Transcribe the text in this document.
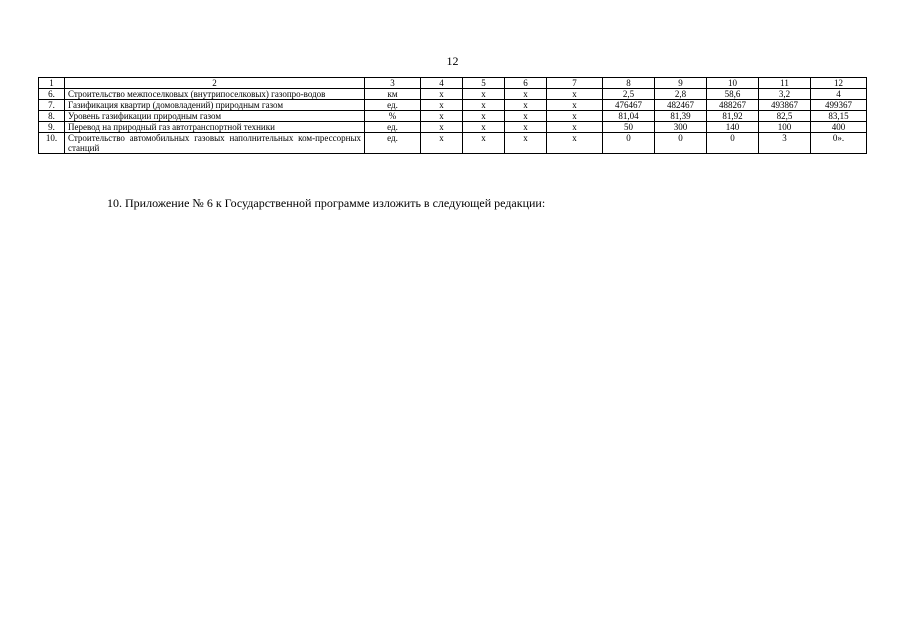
12
1	2	3	4	5	6	7	8	9	10	11	12
6.	Строительство межпоселковых (внутрипоселковых) газопро-водов	км	х	х	х	х	2,5	2,8	58,6	3,2	4
7.	Газификация квартир (домовладений) природным газом	ед.	х	х	х	х	476467	482467	488267	493867	499367
8.	Уровень газификации природным газом	%	х	х	х	х	81,04	81,39	81,92	82,5	83,15
9.	Перевод на природный газ автотранспортной техники	ед.	х	х	х	х	50	300	140	100	400
10.	Строительство автомобильных газовых наполнительных ком-прессорных станций	ед.	х	х	х	х	0	0	0	3	0».
10. Приложение № 6 к Государственной программе изложить в следующей редакции:
